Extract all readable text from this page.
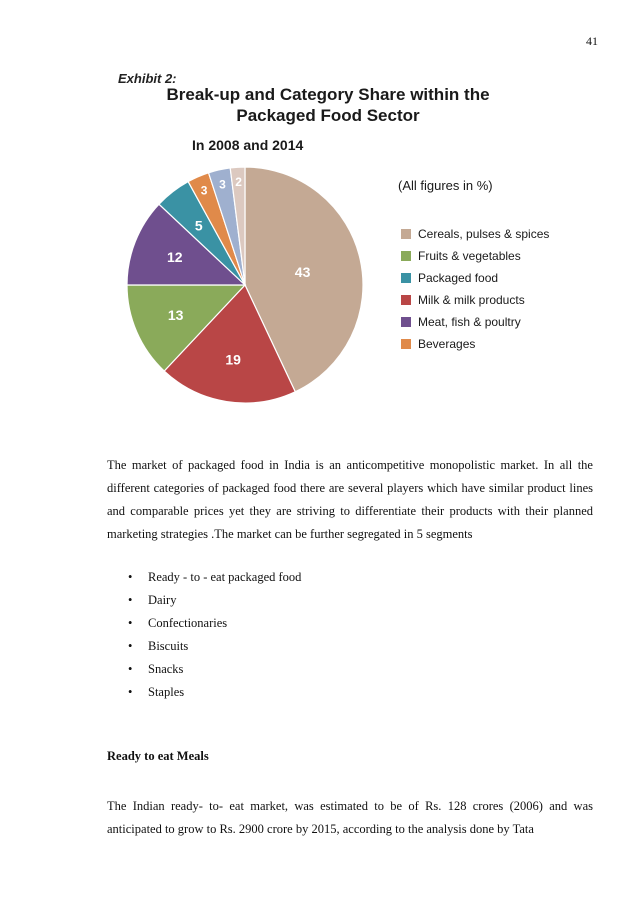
41
Exhibit 2:
Break-up and Category Share within the Packaged Food Sector
In 2008 and 2014
(All figures in %)
43
19
13
12
5
3 3 2
Cereals, pulses & spices
Fruits & vegetables
Packaged food
Milk & milk products
Meat, fish & poultry
Beverages
The market of packaged food in India is an anticompetitive monopolistic market. In all the different categories of packaged food there are several players which have similar product lines and comparable prices yet they are striving to differentiate their products with their planned marketing strategies .The market can be further segregated in 5 segments
•	Ready - to - eat packaged food
•	Dairy
•	Confectionaries
•	Biscuits
•	Snacks
•	Staples
Ready to eat Meals
The Indian ready- to- eat market, was estimated to be of Rs. 128 crores (2006) and was anticipated to grow to Rs. 2900 crore by 2015, according to the analysis done by Tata
